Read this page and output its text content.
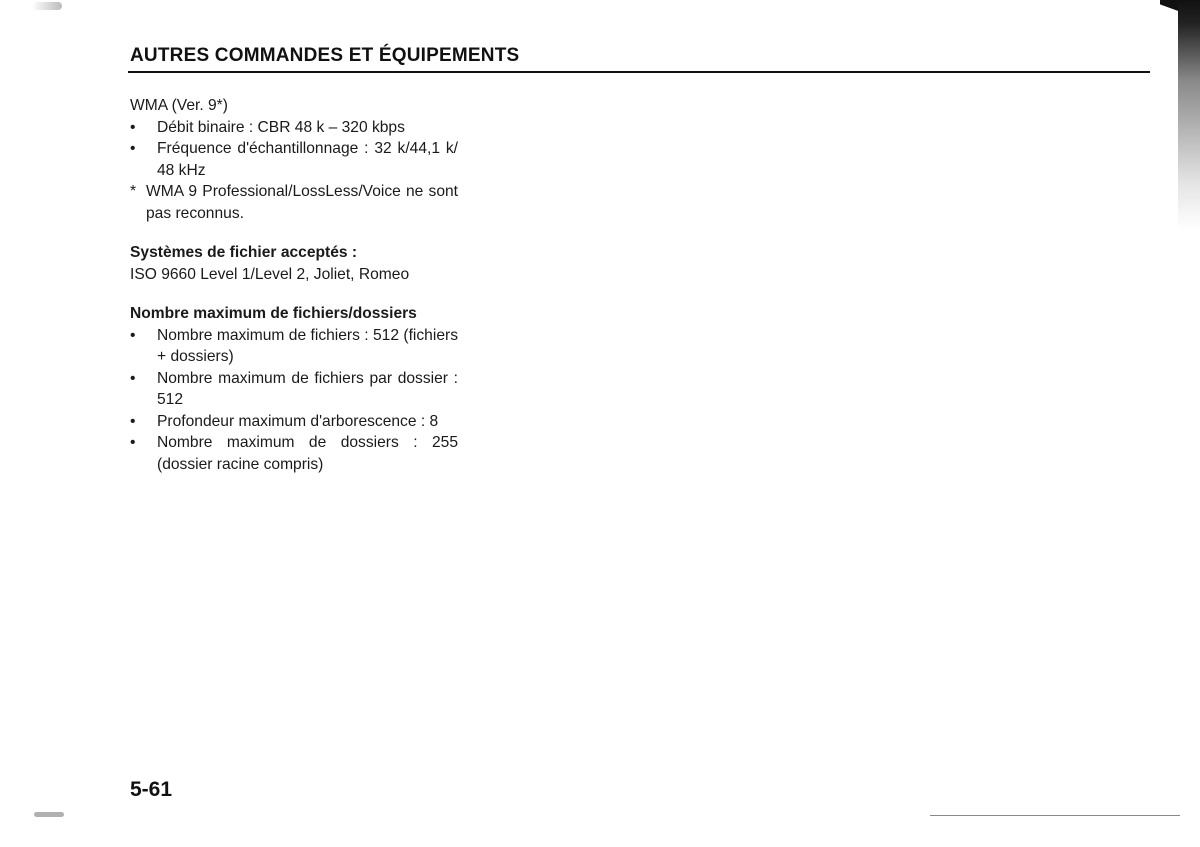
AUTRES COMMANDES ET ÉQUIPEMENTS

WMA (Ver. 9*)

•	Débit binaire : CBR 48 k – 320 kbps
•	Fréquence d'échantillonnage : 32 k/44,1 k/ 48 kHz

* WMA 9 Professional/LossLess/Voice ne sont pas reconnus.

Systèmes de fichier acceptés :

ISO 9660 Level 1/Level 2, Joliet, Romeo

Nombre maximum de fichiers/dossiers

•	Nombre maximum de fichiers : 512 (fichiers + dossiers)
•	Nombre maximum de fichiers par dossier : 512
•	Profondeur maximum d'arborescence : 8
•	Nombre maximum de dossiers : 255 (dossier racine compris)
5-61
